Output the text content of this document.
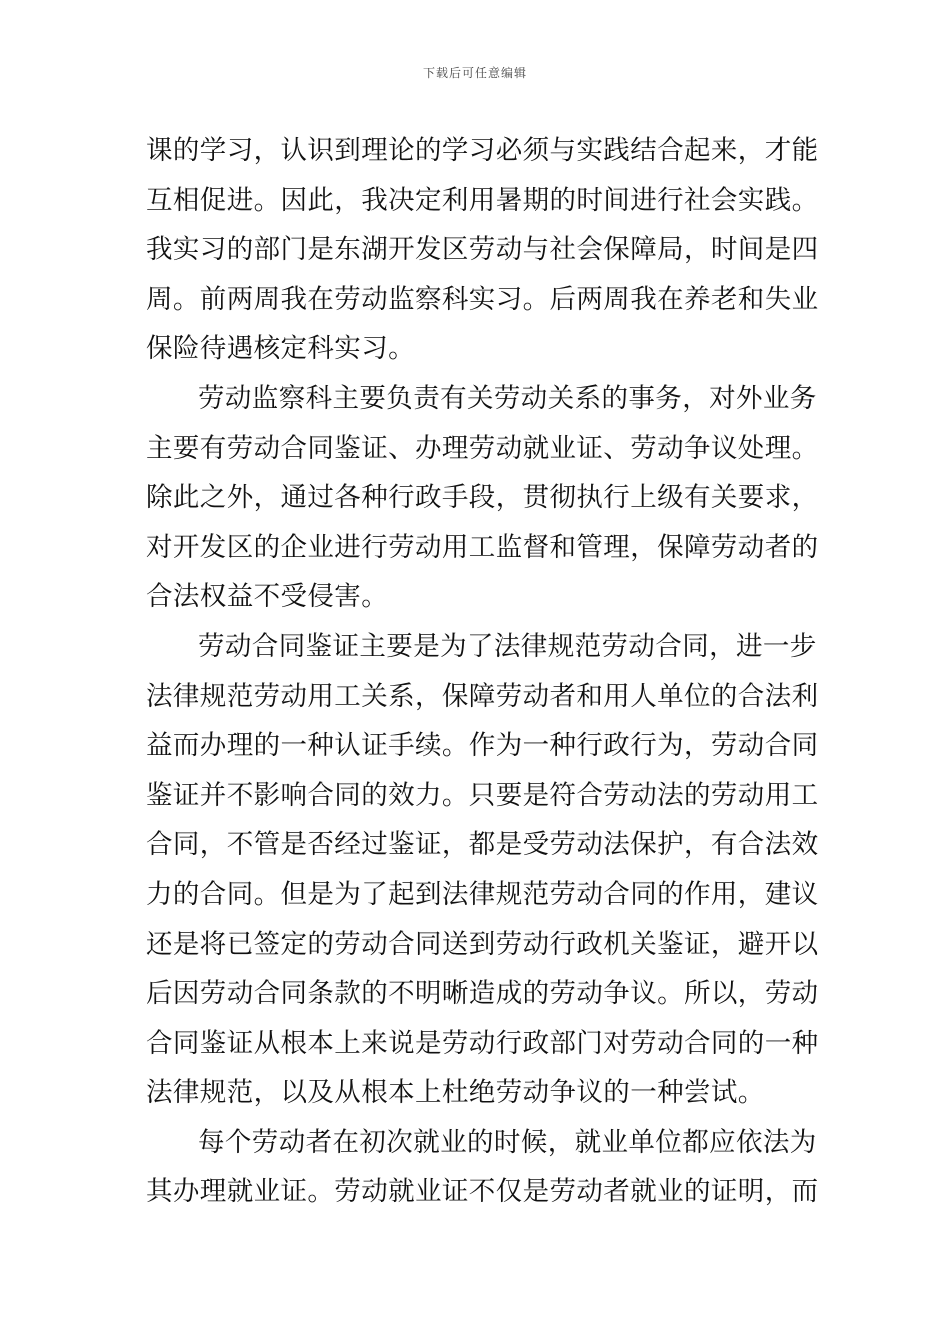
下载后可任意编辑
课的学习，认识到理论的学习必须与实践结合起来，才能
互相促进。因此，我决定利用暑期的时间进行社会实践。
我实习的部门是东湖开发区劳动与社会保障局，时间是四
周。前两周我在劳动监察科实习。后两周我在养老和失业
保险待遇核定科实习。
劳动监察科主要负责有关劳动关系的事务，对外业务
主要有劳动合同鉴证、办理劳动就业证、劳动争议处理。
除此之外，通过各种行政手段，贯彻执行上级有关要求，
对开发区的企业进行劳动用工监督和管理，保障劳动者的
合法权益不受侵害。
劳动合同鉴证主要是为了法律规范劳动合同，进一步
法律规范劳动用工关系，保障劳动者和用人单位的合法利
益而办理的一种认证手续。作为一种行政行为，劳动合同
鉴证并不影响合同的效力。只要是符合劳动法的劳动用工
合同，不管是否经过鉴证，都是受劳动法保护，有合法效
力的合同。但是为了起到法律规范劳动合同的作用，建议
还是将已签定的劳动合同送到劳动行政机关鉴证，避开以
后因劳动合同条款的不明晰造成的劳动争议。所以，劳动
合同鉴证从根本上来说是劳动行政部门对劳动合同的一种
法律规范，以及从根本上杜绝劳动争议的一种尝试。
每个劳动者在初次就业的时候，就业单位都应依法为
其办理就业证。劳动就业证不仅是劳动者就业的证明，而
